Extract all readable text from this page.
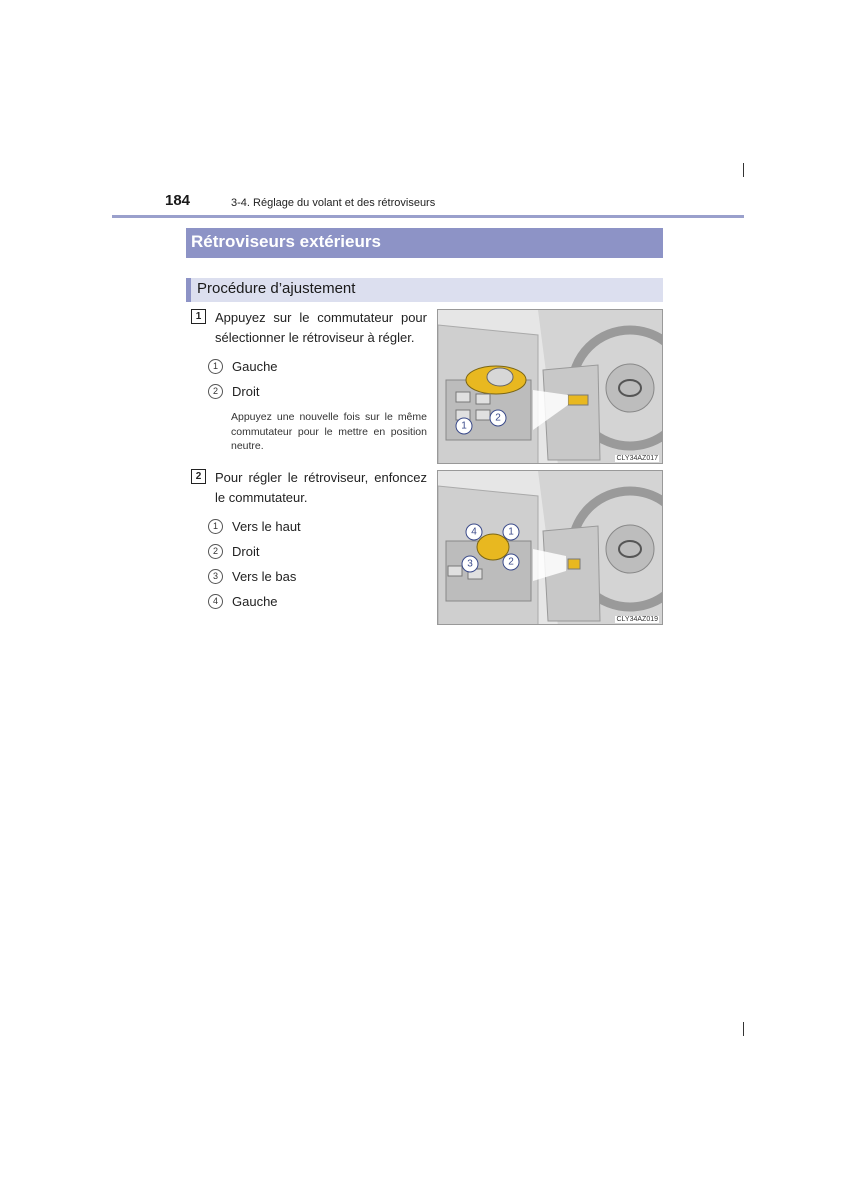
184	3-4. Réglage du volant et des rétroviseurs
Rétroviseurs extérieurs
Procédure d’ajustement
1	Appuyez sur le commutateur pour sélectionner le rétroviseur à régler.
1	Gauche
2	Droit
Appuyez une nouvelle fois sur le même commutateur pour le mettre en position neutre.
1
2
CLY34AZ017
2	Pour régler le rétroviseur, enfoncez le commutateur.
1	Vers le haut
2	Droit
3	Vers le bas
4	Gauche
4	1
3	2
CLY34AZ019
